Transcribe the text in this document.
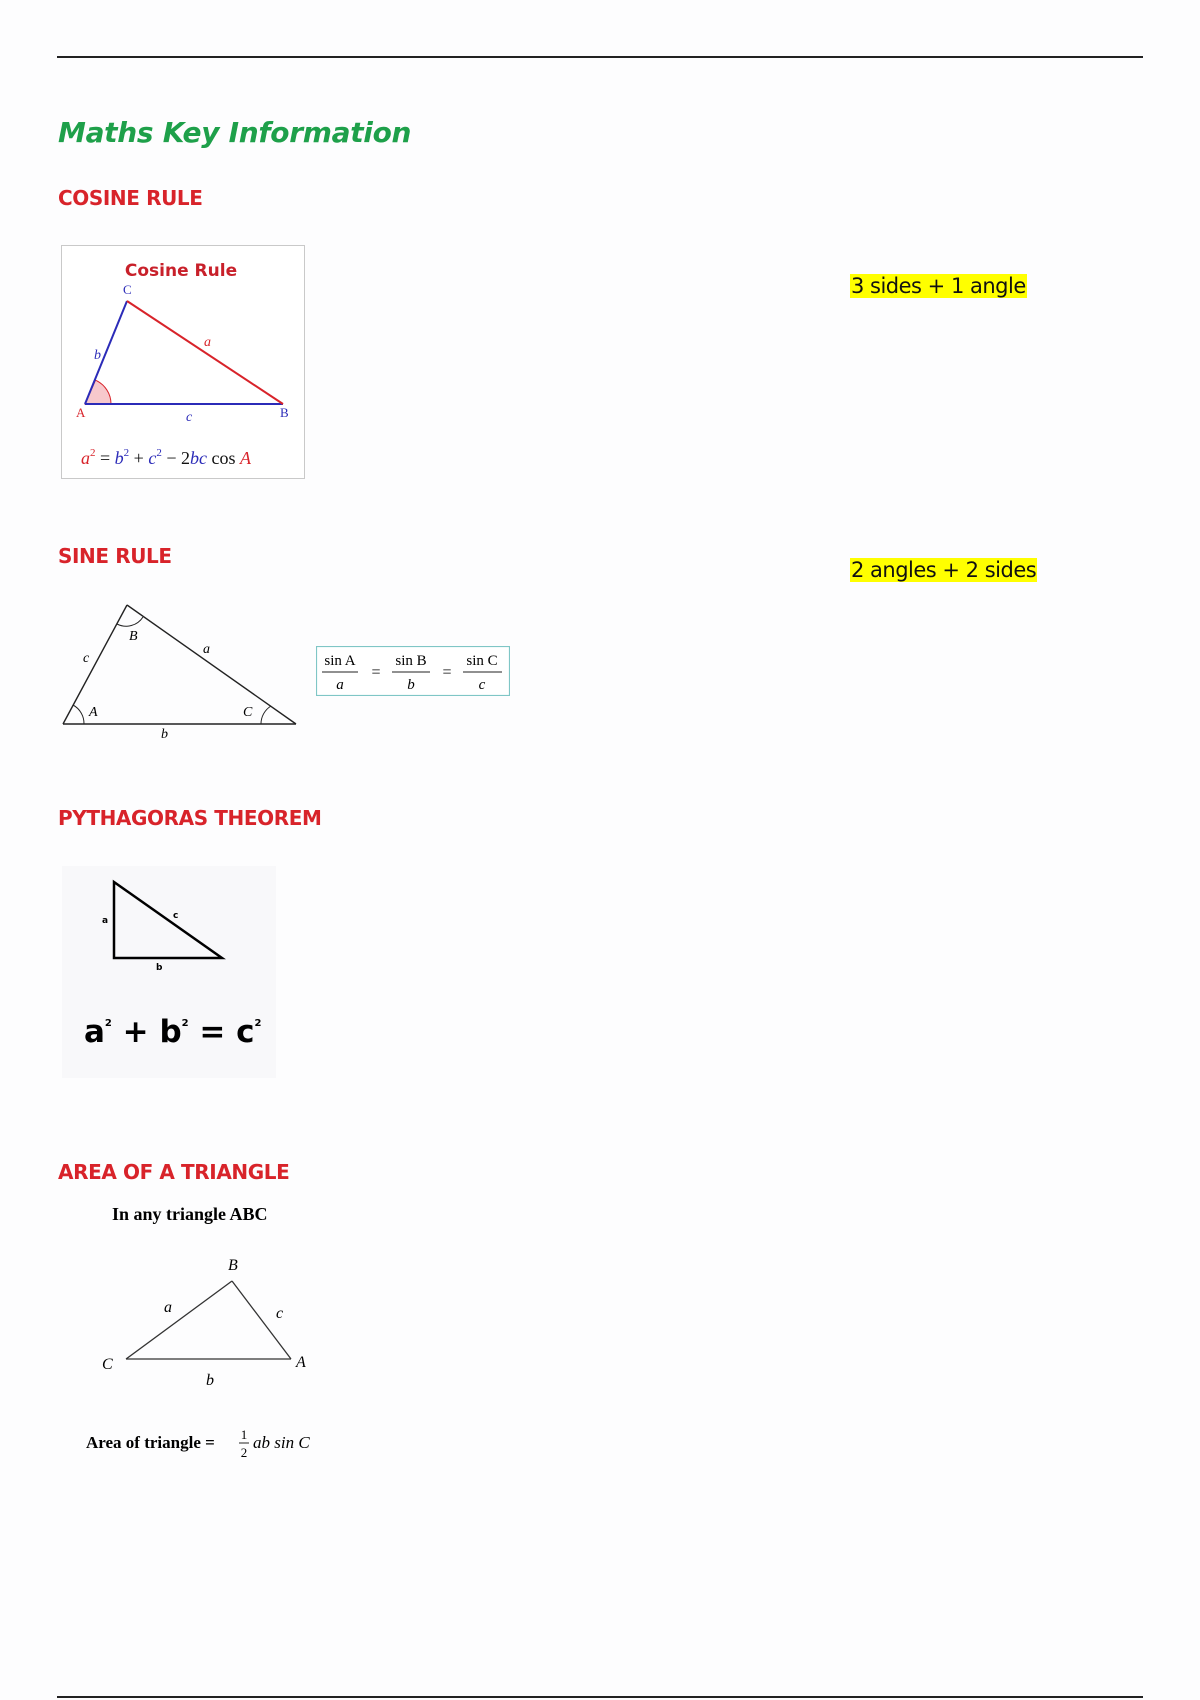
Maths Key Information
COSINE RULE
Cosine Rule
C
A	B
a
b
c
$a^2 = b^2 + c^2 - 2bc$ cos A
3 sides + 1 angle
SINE RULE
2 angles + 2 sides
A
B
C
a
b
c	sin A
a
=
sin B
b
=
sin C
c
PYTHAGORAS THEOREM
a	c
b
$a^2 + b^2 = c^2$
AREA OF A TRIANGLE
In any triangle ABC
B
C	A
a	c
b
Area of triangle = 1
2
ab sin C
